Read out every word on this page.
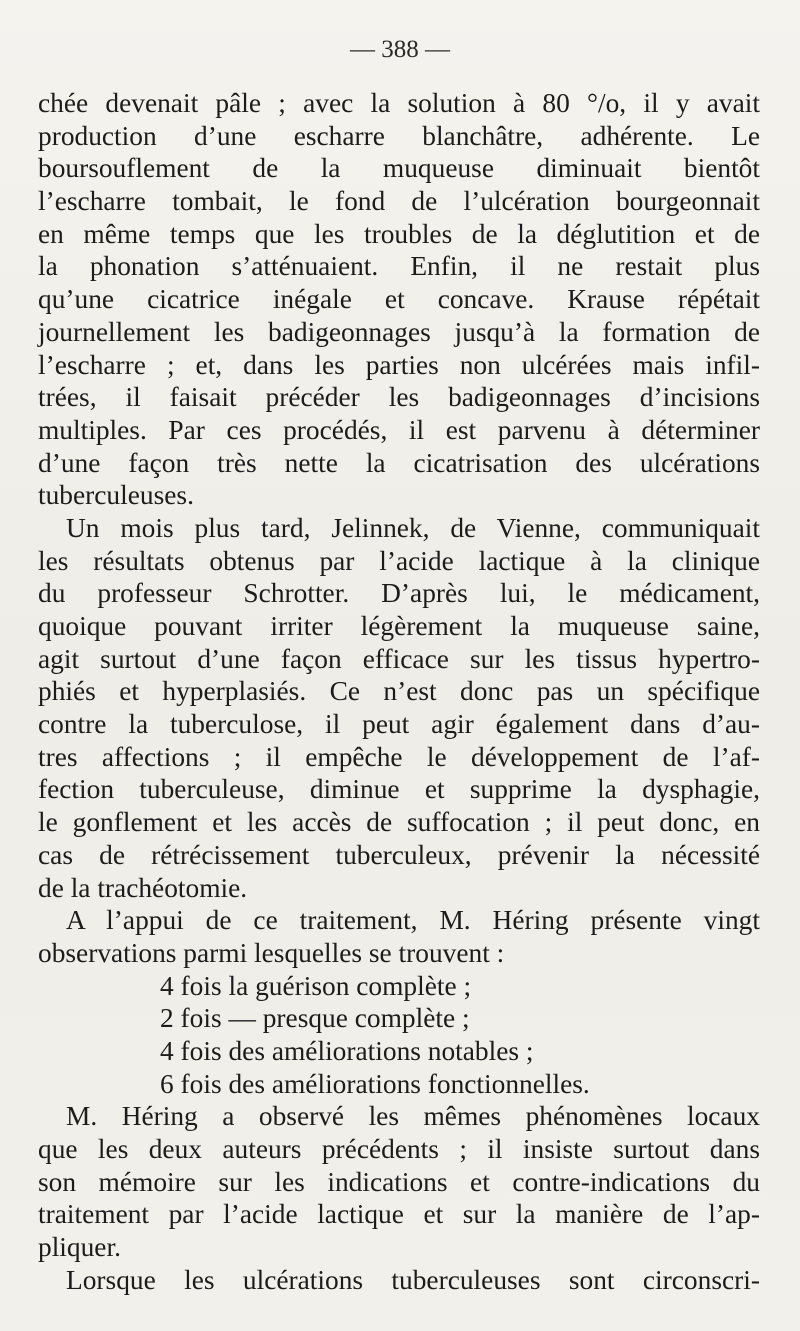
— 388 —
chée devenait pâle ; avec la solution à 80 °/o, il y avait
production d’une escharre blanchâtre, adhérente. Le
boursouflement de la muqueuse diminuait bientôt
l’escharre tombait, le fond de l’ulcération bourgeonnait
en même temps que les troubles de la déglutition et de
la phonation s’atténuaient. Enfin, il ne restait plus
qu’une cicatrice inégale et concave. Krause répétait
journellement les badigeonnages jusqu’à la formation de
l’escharre ; et, dans les parties non ulcérées mais infil-
trées, il faisait précéder les badigeonnages d’incisions
multiples. Par ces procédés, il est parvenu à déterminer
d’une façon très nette la cicatrisation des ulcérations
tuberculeuses.
Un mois plus tard, Jelinnek, de Vienne, communiquait
les résultats obtenus par l’acide lactique à la clinique
du professeur Schrotter. D’après lui, le médicament,
quoique pouvant irriter légèrement la muqueuse saine,
agit surtout d’une façon efficace sur les tissus hypertro-
phiés et hyperplasiés. Ce n’est donc pas un spécifique
contre la tuberculose, il peut agir également dans d’au-
tres affections ; il empêche le développement de l’af-
fection tuberculeuse, diminue et supprime la dysphagie,
le gonflement et les accès de suffocation ; il peut donc, en
cas de rétrécissement tuberculeux, prévenir la nécessité
de la trachéotomie.
A l’appui de ce traitement, M. Héring présente vingt
observations parmi lesquelles se trouvent :
4 fois la guérison complète ;
2 fois — presque complète ;
4 fois des améliorations notables ;
6 fois des améliorations fonctionnelles.
M. Héring a observé les mêmes phénomènes locaux
que les deux auteurs précédents ; il insiste surtout dans
son mémoire sur les indications et contre-indications du
traitement par l’acide lactique et sur la manière de l’ap-
pliquer.
Lorsque les ulcérations tuberculeuses sont circonscri-
